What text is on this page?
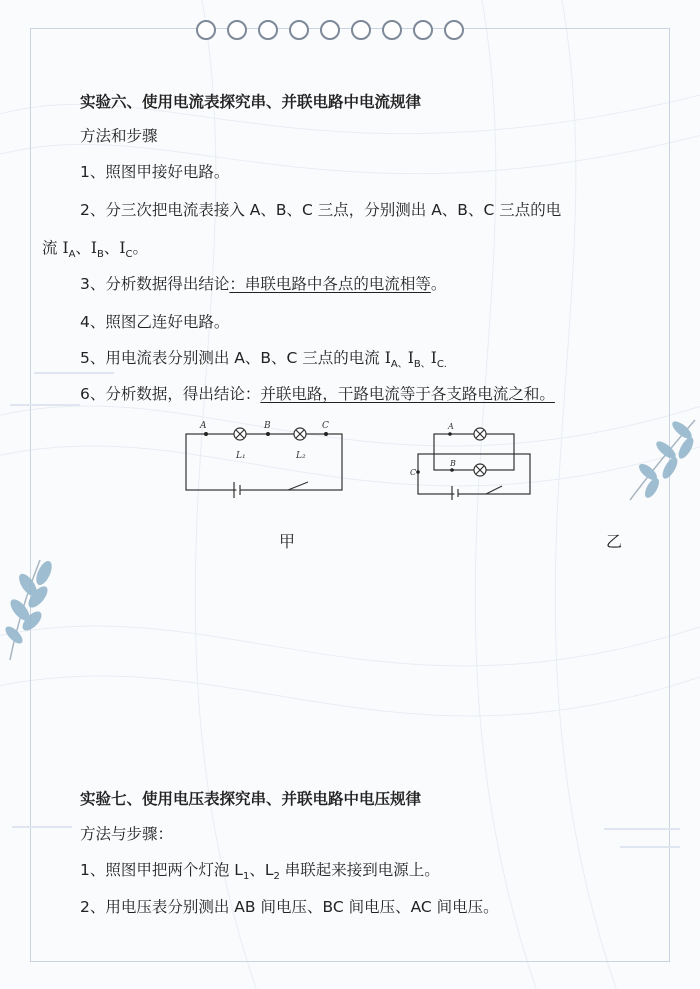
实验六、使用电流表探究串、并联电路中电流规律
方法和步骤
1、照图甲接好电路。
2、分三次把电流表接入 A、B、C 三点，分别测出 A、B、C 三点的电
流 $I_A$、$I_B$、$I_C$。
3、分析数据得出结论：串联电路中各点的电流相等。
4、照图乙连好电路。
5、用电流表分别测出 A、B、C 三点的电流 $I_{A、}I_{B、}I_{C.}$
6、分析数据，得出结论：并联电路，干路电流等于各支路电流之和。
A	B	C
L₁	L₂
A
B
C
甲	乙
实验七、使用电压表探究串、并联电路中电压规律
方法与步骤：
1、照图甲把两个灯泡 $L_1$、$L_2$ 串联起来接到电源上。
2、用电压表分别测出 AB 间电压、BC 间电压、AC 间电压。
